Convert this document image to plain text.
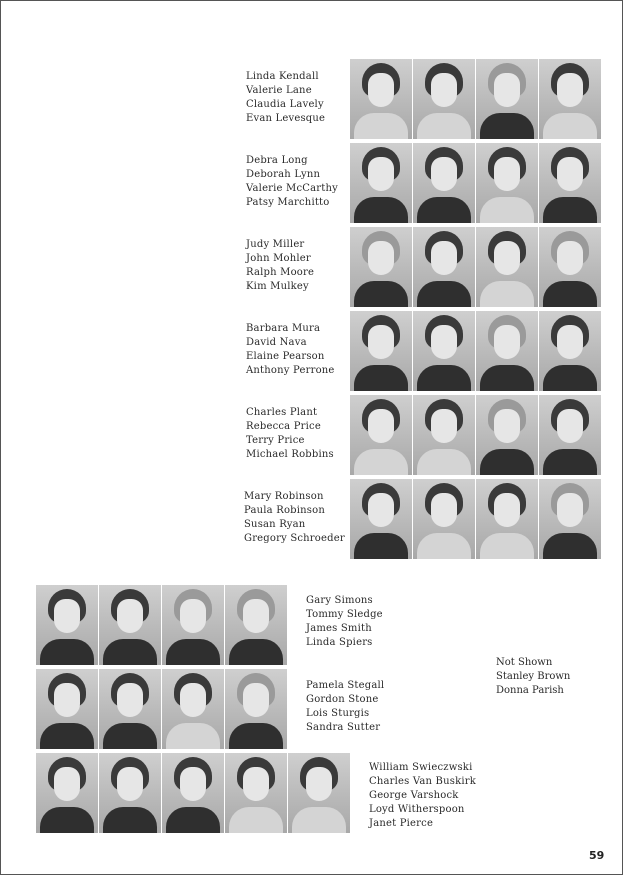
Linda Kendall
Valerie Lane
Claudia Lavely
Evan Levesque
Debra Long
Deborah Lynn
Valerie McCarthy
Patsy Marchitto
Judy Miller
John Mohler
Ralph Moore
Kim Mulkey
Barbara Mura
David Nava
Elaine Pearson
Anthony Perrone
Charles Plant
Rebecca Price
Terry Price
Michael Robbins
Mary Robinson
Paula Robinson
Susan Ryan
Gregory Schroeder
Gary Simons
Tommy Sledge
James Smith
Linda Spiers
Pamela Stegall
Gordon Stone
Lois Sturgis
Sandra Sutter
William Swieczwski
Charles Van Buskirk
George Varshock
Loyd Witherspoon
Janet Pierce
Not Shown
Stanley Brown
Donna Parish
59
